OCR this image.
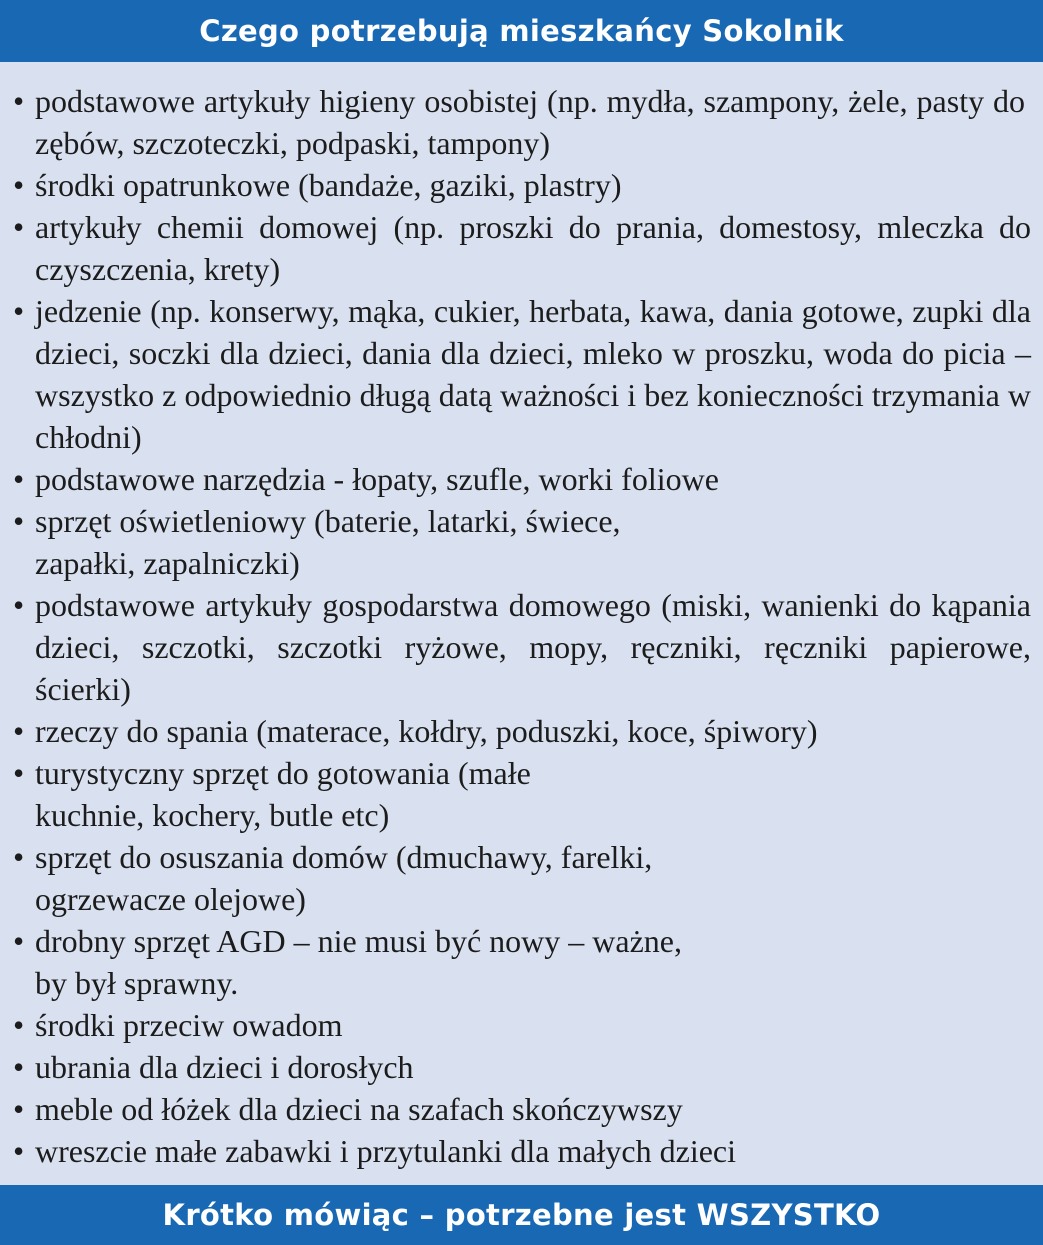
Czego potrzebują mieszkańcy Sokolnik
• podstawowe artykuły higieny osobistej (np. mydła, szampony, żele, pasty do zębów, szczoteczki, podpaski, tampony)
• środki opatrunkowe (bandaże, gaziki, plastry)
• artykuły chemii domowej (np. proszki do prania, domestosy, mleczka do czyszczenia, krety)
• jedzenie (np. konserwy, mąka, cukier, herbata, kawa, dania gotowe, zupki dla dzieci, soczki dla dzieci, dania dla dzieci, mleko w proszku, woda do picia – wszystko z odpowiednio długą datą ważności i bez konieczności trzymania w chłodni)
• podstawowe narzędzia - łopaty, szufle, worki foliowe
• sprzęt oświetleniowy (baterie, latarki, świece, zapałki, zapalniczki)
• podstawowe artykuły gospodarstwa domowego (miski, wanienki do kąpania dzieci, szczotki, szczotki ryżowe, mopy, ręczniki, ręczniki papierowe, ścierki)
• rzeczy do spania (materace, kołdry, poduszki, koce, śpiwory)
• turystyczny sprzęt do gotowania (małe kuchnie, kochery, butle etc)
• sprzęt do osuszania domów (dmuchawy, farelki, ogrzewacze olejowe)
• drobny sprzęt AGD – nie musi być nowy – ważne, by był sprawny.
• środki przeciw owadom
• ubrania dla dzieci i dorosłych
• meble od łóżek dla dzieci na szafach skończywszy
• wreszcie małe zabawki i przytulanki dla małych dzieci
Krótko mówiąc – potrzebne jest WSZYSTKO
